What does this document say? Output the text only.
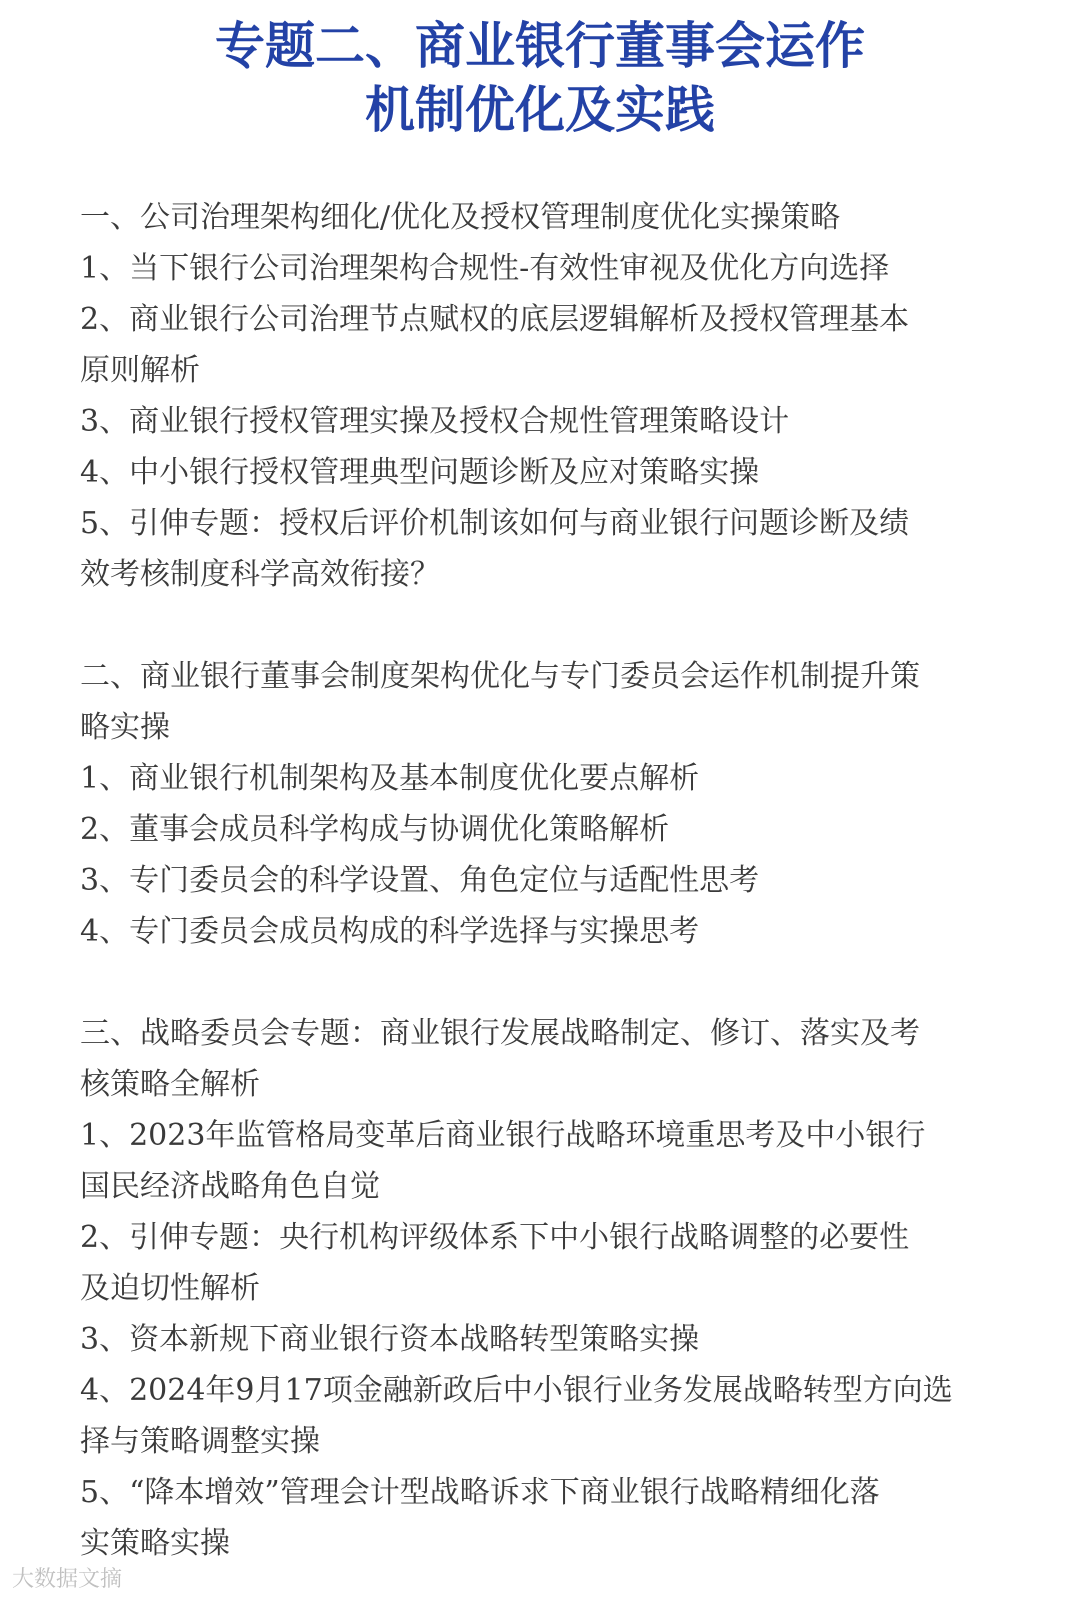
专题二、商业银行董事会运作
机制优化及实践
一、公司治理架构细化/优化及授权管理制度优化实操策略
1、当下银行公司治理架构合规性-有效性审视及优化方向选择
2、商业银行公司治理节点赋权的底层逻辑解析及授权管理基本
原则解析
3、商业银行授权管理实操及授权合规性管理策略设计
4、中小银行授权管理典型问题诊断及应对策略实操
5、引伸专题：授权后评价机制该如何与商业银行问题诊断及绩
效考核制度科学高效衔接？
二、商业银行董事会制度架构优化与专门委员会运作机制提升策
略实操
1、商业银行机制架构及基本制度优化要点解析
2、董事会成员科学构成与协调优化策略解析
3、专门委员会的科学设置、角色定位与适配性思考
4、专门委员会成员构成的科学选择与实操思考
三、战略委员会专题：商业银行发展战略制定、修订、落实及考
核策略全解析
1、2023年监管格局变革后商业银行战略环境重思考及中小银行
国民经济战略角色自觉
2、引伸专题：央行机构评级体系下中小银行战略调整的必要性
及迫切性解析
3、资本新规下商业银行资本战略转型策略实操
4、2024年9月17项金融新政后中小银行业务发展战略转型方向选
择与策略调整实操
5、“降本增效”管理会计型战略诉求下商业银行战略精细化落
实策略实操
大数据文摘
